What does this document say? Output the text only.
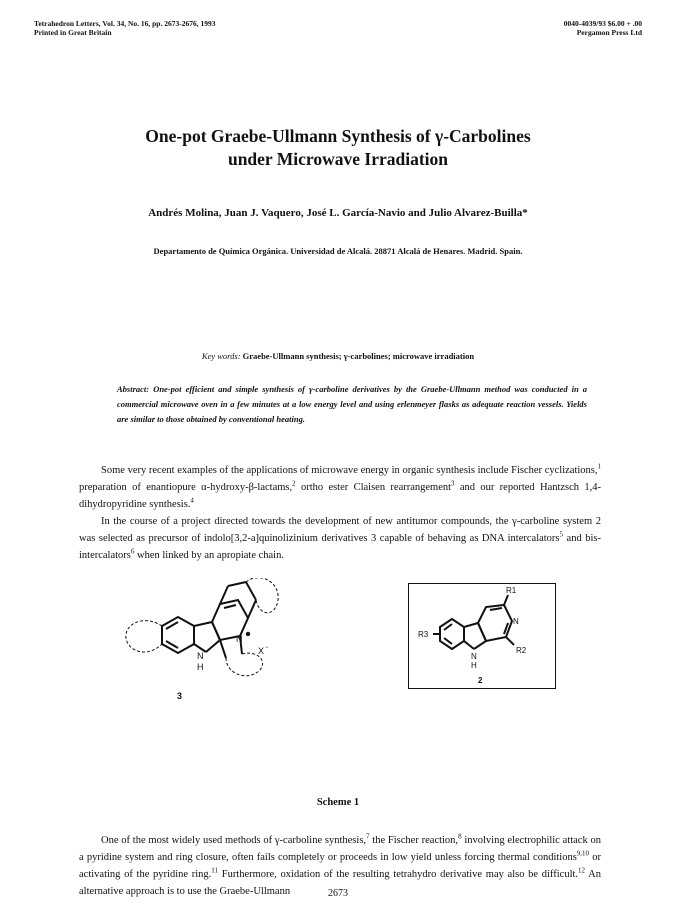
Tetrahedron Letters, Vol. 34, No. 16, pp. 2673-2676, 1993
Printed in Great Britain
0040-4039/93 $6.00 + .00
Pergamon Press Ltd
One-pot Graebe-Ullmann Synthesis of γ-Carbolines
under Microwave Irradiation
Andrés Molina, Juan J. Vaquero, José L. García-Navio and Julio Alvarez-Builla*
Departamento de Química Orgánica. Universidad de Alcalá. 28871 Alcalá de Henares. Madrid. Spain.
Key words: Graebe-Ullmann synthesis; γ-carbolines; microwave irradiation
Abstract: One-pot efficient and simple synthesis of γ-carboline derivatives by the Graebe-Ullmann method was conducted in a commercial microwave oven in a few minutes at a low energy level and using erlenmeyer flasks as adequate reaction vessels. Yields are similar to those obtained by conventional heating.

Some very recent examples of the applications of microwave energy in organic synthesis include Fischer cyclizations,$^1$ preparation of enantiopure α-hydroxy-β-lactams,$^2$ ortho ester Claisen rearrangement$^3$ and our reported Hantzsch 1,4-dihydropyridine synthesis.$^4$

In the course of a project directed towards the development of new antitumor compounds, the γ-carboline system 2 was selected as precursor of indolo[3,2-a]quinolizinium derivatives 3 capable of behaving as DNA intercalators$^5$ and bis-intercalators$^6$ when linked by an apropiate chain.

N
N
H
X −
3
R1
N
R2
R3
N
H
2
Scheme 1

One of the most widely used methods of γ-carboline synthesis,$^7$ the Fischer reaction,$^8$ involving electrophilic attack on a pyridine system and ring closure, often fails completely or proceeds in low yield unless forcing thermal conditions$^{9,10}$ or activating of the pyridine ring.$^{11}$ Furthermore, oxidation of the resulting tetrahydro derivative may also be difficult.$^{12}$ An alternative approach is to use the Graebe-Ullmann	2673
